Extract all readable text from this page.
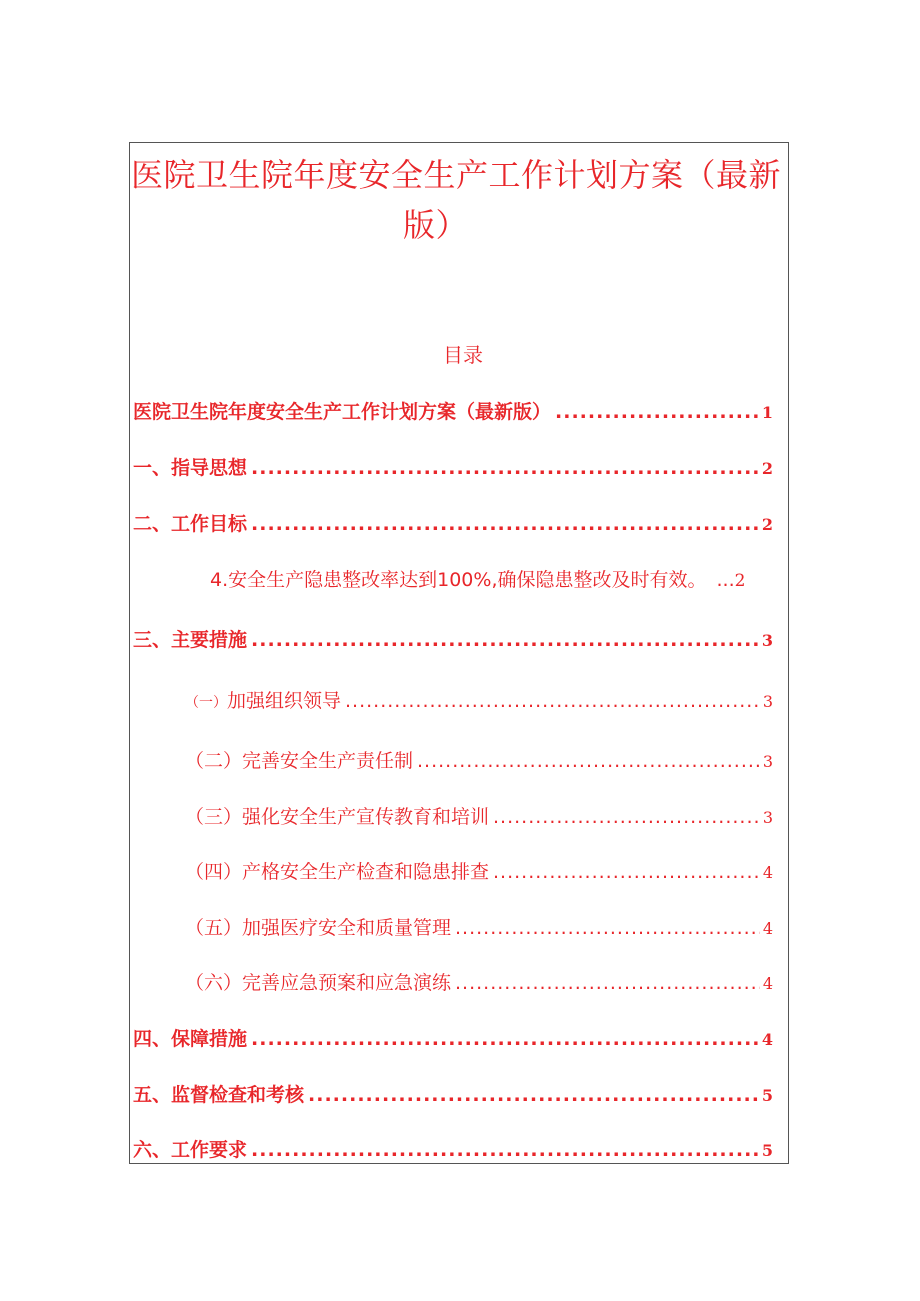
医院卫生院年度安全生产工作计划方案（最新
版）
目录
医院卫生院年度安全生产工作计划方案（最新版） .....	1
一、指导思想 .....	2
二、工作目标 .....	2
4.安全生产隐患整改率达到100%,确保隐患整改及时有效。 ... 2
三、主要措施 .....	3
（一）加强组织领导 .....	3
（二）完善安全生产责任制 .....	3
（三）强化安全生产宣传教育和培训 .....	3
（四）产格安全生产检查和隐患排查 .....	4
（五）加强医疗安全和质量管理 .....	4
（六）完善应急预案和应急演练 .....	4
四、保障措施 .....	4
五、监督检查和考核 .....	5
六、工作要求 .....	5
